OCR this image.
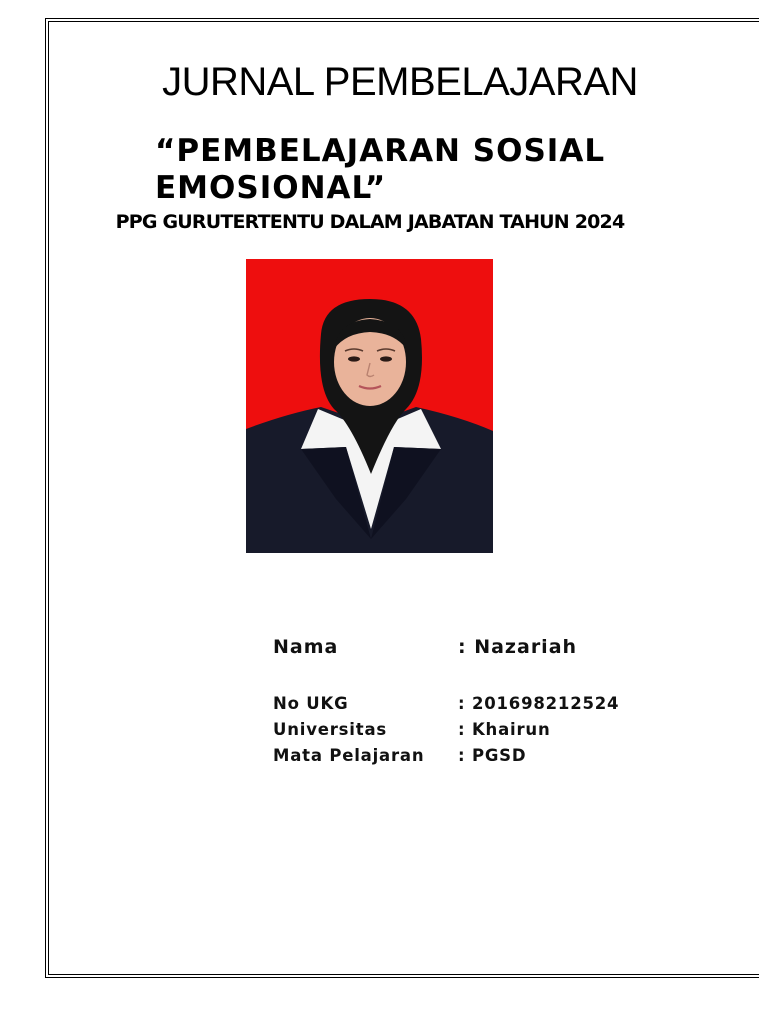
JURNAL PEMBELAJARAN
“PEMBELAJARAN SOSIAL
EMOSIONAL”
PPG GURUTERTENTU DALAM JABATAN TAHUN 2024
Nama	: Nazariah
No UKG	: 201698212524
Universitas	: Khairun
Mata Pelajaran	: PGSD
